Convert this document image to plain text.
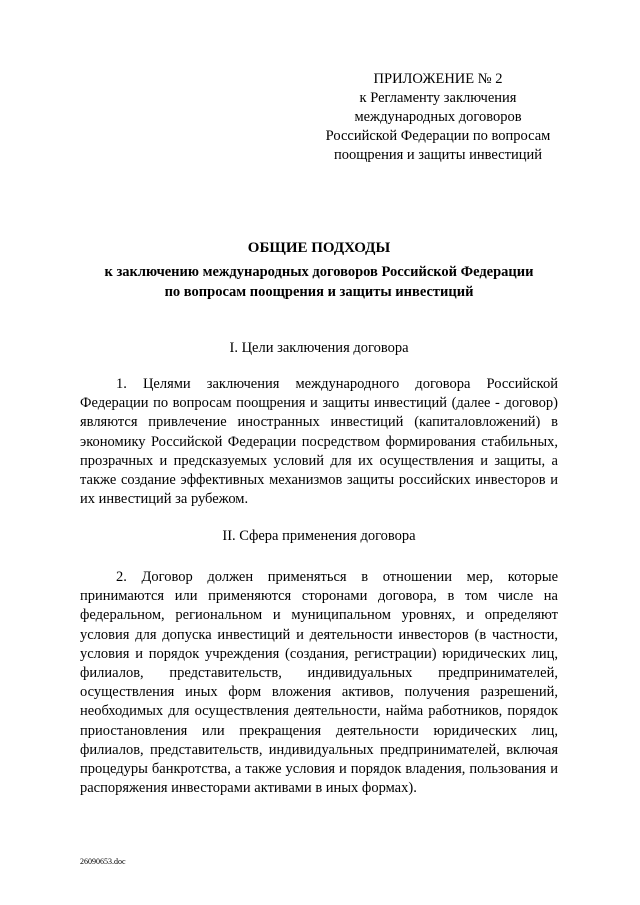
ПРИЛОЖЕНИЕ № 2
к Регламенту заключения
международных договоров
Российской Федерации по вопросам
поощрения и защиты инвестиций
ОБЩИЕ ПОДХОДЫ
к заключению международных договоров Российской Федерации
по вопросам поощрения и защиты инвестиций
I. Цели заключения договора

1. Целями заключения международного договора Российской Федерации по вопросам поощрения и защиты инвестиций (далее - договор) являются привлечение иностранных инвестиций (капиталовложений) в экономику Российской Федерации посредством формирования стабильных, прозрачных и предсказуемых условий для их осуществления и защиты, а также создание эффективных механизмов защиты российских инвесторов и их инвестиций за рубежом.

II. Сфера применения договора

2. Договор должен применяться в отношении мер, которые принимаются или применяются сторонами договора, в том числе на федеральном, региональном и муниципальном уровнях, и определяют условия для допуска инвестиций и деятельности инвесторов (в частности, условия и порядок учреждения (создания, регистрации) юридических лиц, филиалов, представительств, индивидуальных предпринимателей, осуществления иных форм вложения активов, получения разрешений, необходимых для осуществления деятельности, найма работников, порядок приостановления или прекращения деятельности юридических лиц, филиалов, представительств, индивидуальных предпринимателей, включая процедуры банкротства, а также условия и порядок владения, пользования и распоряжения инвесторами активами в иных формах).

26090653.doc
